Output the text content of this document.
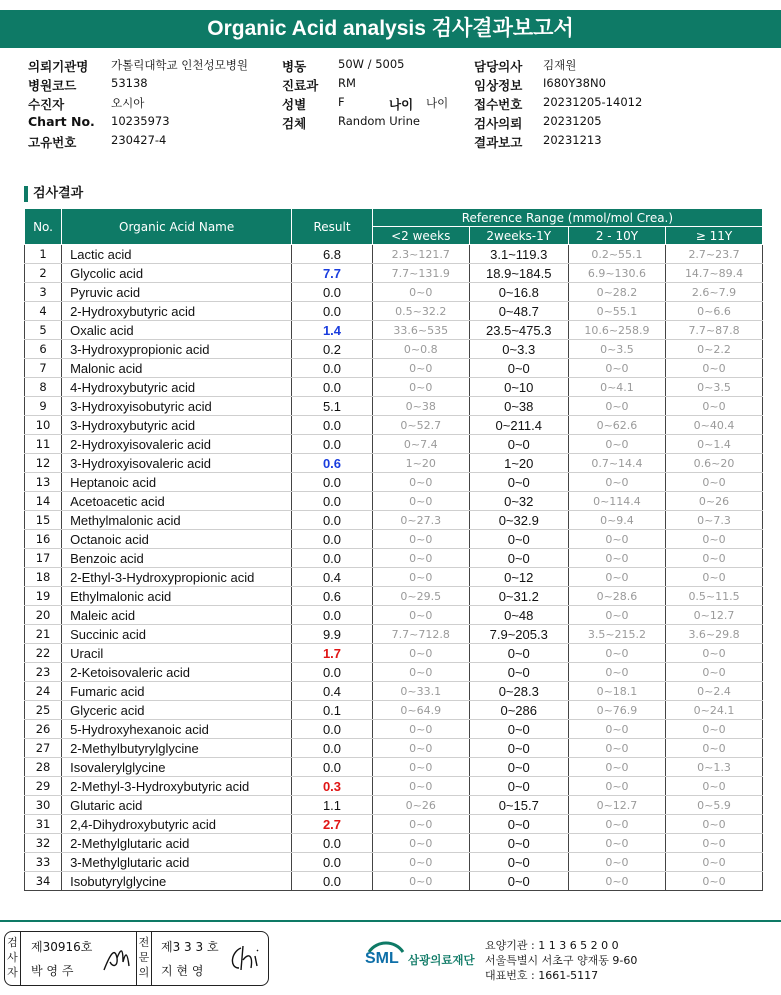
Organic Acid analysis 검사결과보고서
의뢰기관명 가톨릭대학교 인천성모병원	병동	50W / 5005	담당의사 김재원
병원코드	53138	진료과 RM	임상정보 I680Y38N0
수진자	오시아	성별	F	나이 나이 접수번호 20231205-14012
Chart No. 10235973	검체	Random Urine	검사의뢰 20231205
고유번호	230427-4	결과보고 20231213
검사결과
No.	Organic Acid Name	Result	Reference Range (mmol/mol Crea.)			
			<2 weeks	2weeks-1Y	2 - 10Y	≥ 11Y
1	Lactic acid	6.8	2.3~121.7	3.1~119.3	0.2~55.1	2.7~23.7
2	Glycolic acid	7.7	7.7~131.9	18.9~184.5	6.9~130.6	14.7~89.4
3	Pyruvic acid	0.0	0~0	0~16.8	0~28.2	2.6~7.9
4	2-Hydroxybutyric acid	0.0	0.5~32.2	0~48.7	0~55.1	0~6.6
5	Oxalic acid	1.4	33.6~535	23.5~475.3	10.6~258.9	7.7~87.8
6	3-Hydroxypropionic acid	0.2	0~0.8	0~3.3	0~3.5	0~2.2
7	Malonic acid	0.0	0~0	0~0	0~0	0~0
8	4-Hydroxybutyric acid	0.0	0~0	0~10	0~4.1	0~3.5
9	3-Hydroxyisobutyric acid	5.1	0~38	0~38	0~0	0~0
10	3-Hydroxybutyric acid	0.0	0~52.7	0~211.4	0~62.6	0~40.4
11	2-Hydroxyisovaleric acid	0.0	0~7.4	0~0	0~0	0~1.4
12	3-Hydroxyisovaleric acid	0.6	1~20	1~20	0.7~14.4	0.6~20
13	Heptanoic acid	0.0	0~0	0~0	0~0	0~0
14	Acetoacetic acid	0.0	0~0	0~32	0~114.4	0~26
15	Methylmalonic acid	0.0	0~27.3	0~32.9	0~9.4	0~7.3
16	Octanoic acid	0.0	0~0	0~0	0~0	0~0
17	Benzoic acid	0.0	0~0	0~0	0~0	0~0
18	2-Ethyl-3-Hydroxypropionic acid	0.4	0~0	0~12	0~0	0~0
19	Ethylmalonic acid	0.6	0~29.5	0~31.2	0~28.6	0.5~11.5
20	Maleic acid	0.0	0~0	0~48	0~0	0~12.7
21	Succinic acid	9.9	7.7~712.8	7.9~205.3	3.5~215.2	3.6~29.8
22	Uracil	1.7	0~0	0~0	0~0	0~0
23	2-Ketoisovaleric acid	0.0	0~0	0~0	0~0	0~0
24	Fumaric acid	0.4	0~33.1	0~28.3	0~18.1	0~2.4
25	Glyceric acid	0.1	0~64.9	0~286	0~76.9	0~24.1
26	5-Hydroxyhexanoic acid	0.0	0~0	0~0	0~0	0~0
27	2-Methylbutyrylglycine	0.0	0~0	0~0	0~0	0~0
28	Isovalerylglycine	0.0	0~0	0~0	0~0	0~1.3
29	2-Methyl-3-Hydroxybutyric acid	0.3	0~0	0~0	0~0	0~0
30	Glutaric acid	1.1	0~26	0~15.7	0~12.7	0~5.9
31	2,4-Dihydroxybutyric acid	2.7	0~0	0~0	0~0	0~0
32	2-Methylglutaric acid	0.0	0~0	0~0	0~0	0~0
33	3-Methylglutaric acid	0.0	0~0	0~0	0~0	0~0
34	Isobutyrylglycine	0.0	0~0	0~0	0~0	0~0
검
사
자
제30916호
박 영 주
전
문
의
제3 3 3 호
지 현 영
SML 삼광의료재단
요양기관 : 1 1 3 6 5 2 0 0
서울특별시 서초구 양재동 9-60
대표번호 : 1661-5117
